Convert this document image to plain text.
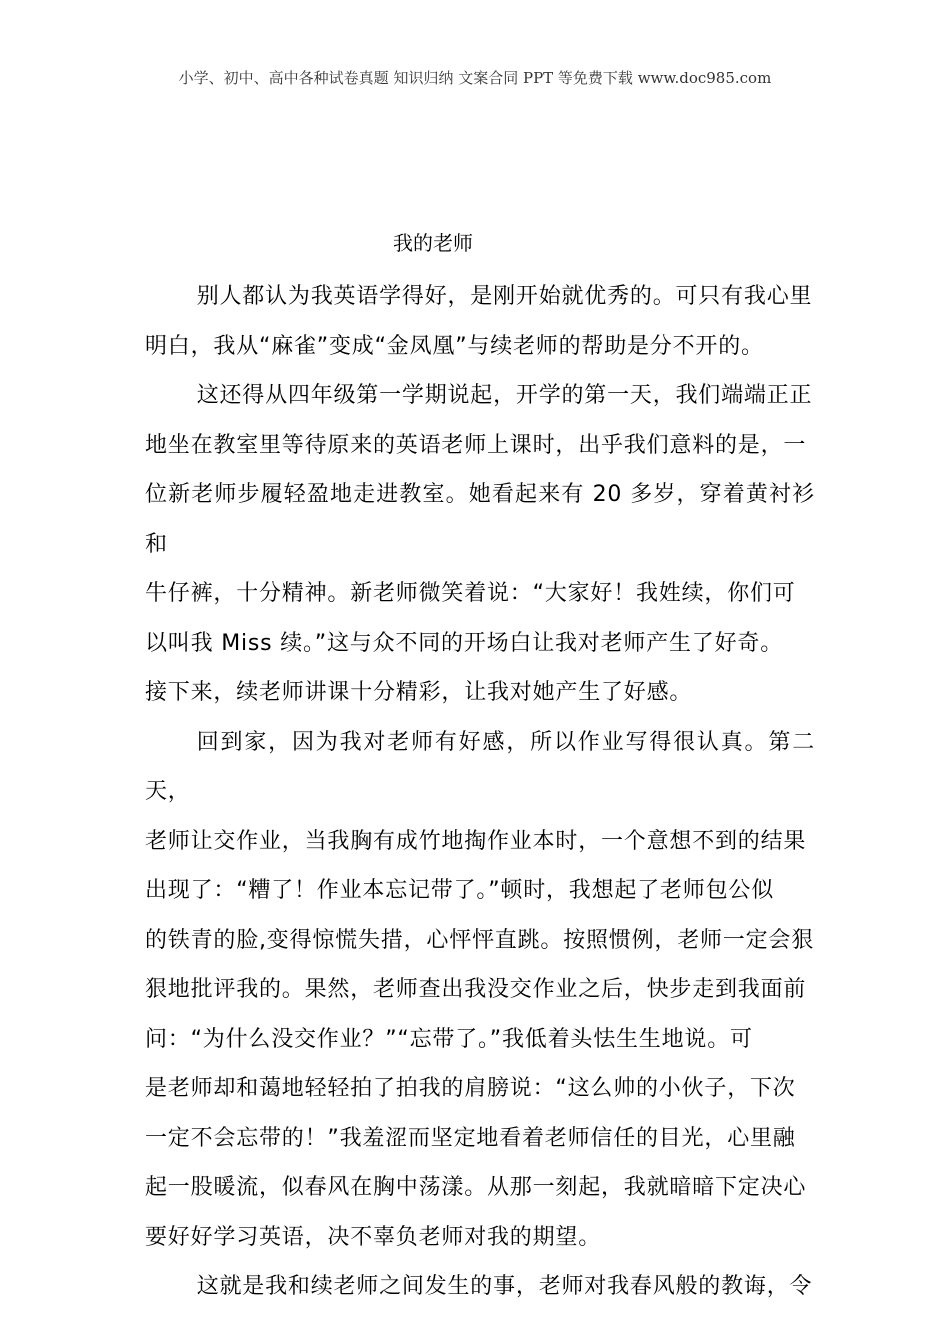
小学、初中、高中各种试卷真题 知识归纳 文案合同 PPT 等免费下载 www.doc985.com
我的老师

别人都认为我英语学得好，是刚开始就优秀的。可只有我心里
明白，我从“麻雀”变成“金凤凰”与续老师的帮助是分不开的。

这还得从四年级第一学期说起，开学的第一天，我们端端正正
地坐在教室里等待原来的英语老师上课时，出乎我们意料的是，一
位新老师步履轻盈地走进教室。她看起来有 20 多岁，穿着黄衬衫和
牛仔裤，十分精神。新老师微笑着说：“大家好！我姓续，你们可
以叫我 Miss 续。”这与众不同的开场白让我对老师产生了好奇。
接下来，续老师讲课十分精彩，让我对她产生了好感。

回到家，因为我对老师有好感，所以作业写得很认真。第二天，
老师让交作业，当我胸有成竹地掏作业本时，一个意想不到的结果
出现了：“糟了！作业本忘记带了。”顿时，我想起了老师包公似
的铁青的脸,变得惊慌失措，心怦怦直跳。按照惯例，老师一定会狠
狠地批评我的。果然，老师查出我没交作业之后，快步走到我面前
问：“为什么没交作业？”“忘带了。”我低着头怯生生地说。可
是老师却和蔼地轻轻拍了拍我的肩膀说：“这么帅的小伙子，下次
一定不会忘带的！”我羞涩而坚定地看着老师信任的目光，心里融
起一股暖流，似春风在胸中荡漾。从那一刻起，我就暗暗下定决心
要好好学习英语，决不辜负老师对我的期望。

这就是我和续老师之间发生的事，老师对我春风般的教诲，令
